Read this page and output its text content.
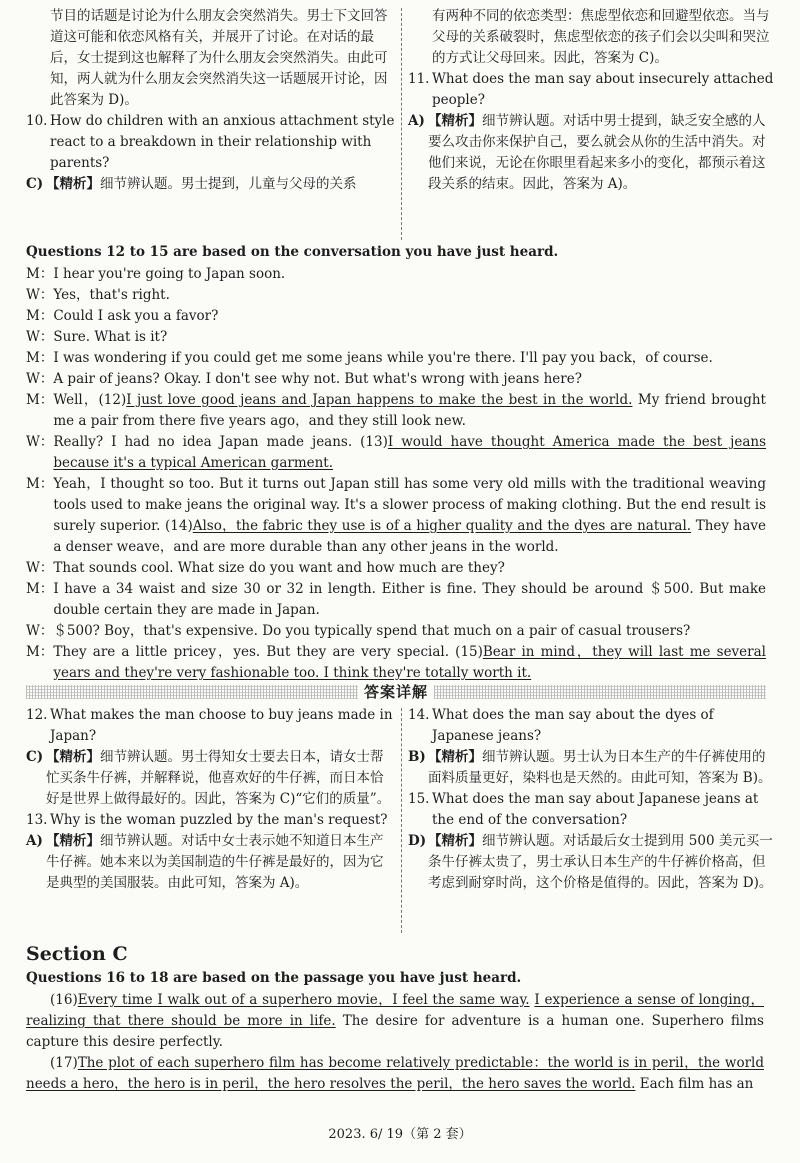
节目的话题是讨论为什么朋友会突然消失。男士下文回答道这可能和依恋风格有关，并展开了讨论。在对话的最后，女士提到这也解释了为什么朋友会突然消失。由此可知，两人就为什么朋友会突然消失这一话题展开讨论，因此答案为 D)。

10. How do children with an anxious attachment style react to a breakdown in their relationship with parents?
C) 【精析】细节辨认题。男士提到，儿童与父母的关系

有两种不同的依恋类型：焦虑型依恋和回避型依恋。当与父母的关系破裂时，焦虑型依恋的孩子们会以尖叫和哭泣的方式让父母回来。因此，答案为 C)。

11. What does the man say about insecurely attached people?
A) 【精析】细节辨认题。对话中男士提到，缺乏安全感的人要么攻击你来保护自己，要么就会从你的生活中消失。对他们来说，无论在你眼里看起来多小的变化，都预示着这段关系的结束。因此，答案为 A)。

Questions 12 to 15 are based on the conversation you have just heard.

M： I hear you're going to Japan soon.
W： Yes，that's right.
M： Could I ask you a favor?
W： Sure. What is it?
M： I was wondering if you could get me some jeans while you're there. I'll pay you back，of course.
W： A pair of jeans? Okay. I don't see why not. But what's wrong with jeans here?
M： Well，(12)I just love good jeans and Japan happens to make the best in the world. My friend brought me a pair from there five years ago，and they still look new.
W： Really? I had no idea Japan made jeans. (13)I would have thought America made the best jeans because it's a typical American garment.
M： Yeah，I thought so too. But it turns out Japan still has some very old mills with the traditional weaving tools used to make jeans the original way. It's a slower process of making clothing. But the end result is surely superior. (14)Also，the fabric they use is of a higher quality and the dyes are natural. They have a denser weave，and are more durable than any other jeans in the world.
W： That sounds cool. What size do you want and how much are they?
M： I have a 34 waist and size 30 or 32 in length. Either is fine. They should be around ＄500. But make double certain they are made in Japan.
W： ＄500? Boy，that's expensive. Do you typically spend that much on a pair of casual trousers?
M： They are a little pricey，yes. But they are very special. (15)Bear in mind，they will last me several years and they're very fashionable too. I think they're totally worth it.
答案详解
12. What makes the man choose to buy jeans made in Japan?
C) 【精析】细节辨认题。男士得知女士要去日本，请女士帮忙买条牛仔裤，并解释说，他喜欢好的牛仔裤，而日本恰好是世界上做得最好的。因此，答案为 C)“它们的质量”。
13. Why is the woman puzzled by the man's request?
A) 【精析】细节辨认题。对话中女士表示她不知道日本生产牛仔裤。她本来以为美国制造的牛仔裤是最好的，因为它是典型的美国服装。由此可知，答案为 A)。
14. What does the man say about the dyes of Japanese jeans?
B) 【精析】细节辨认题。男士认为日本生产的牛仔裤使用的面料质量更好，染料也是天然的。由此可知，答案为 B)。
15. What does the man say about Japanese jeans at the end of the conversation?
D) 【精析】细节辨认题。对话最后女士提到用 500 美元买一条牛仔裤太贵了，男士承认日本生产的牛仔裤价格高，但考虑到耐穿时尚，这个价格是值得的。因此，答案为 D)。
Section C

Questions 16 to 18 are based on the passage you have just heard.

(16)Every time I walk out of a superhero movie，I feel the same way. I experience a sense of longing，realizing that there should be more in life. The desire for adventure is a human one. Superhero films capture this desire perfectly.

(17)The plot of each superhero film has become relatively predictable：the world is in peril，the world needs a hero，the hero is in peril，the hero resolves the peril，the hero saves the world. Each film has an

2023. 6/ 19（第 2 套）
